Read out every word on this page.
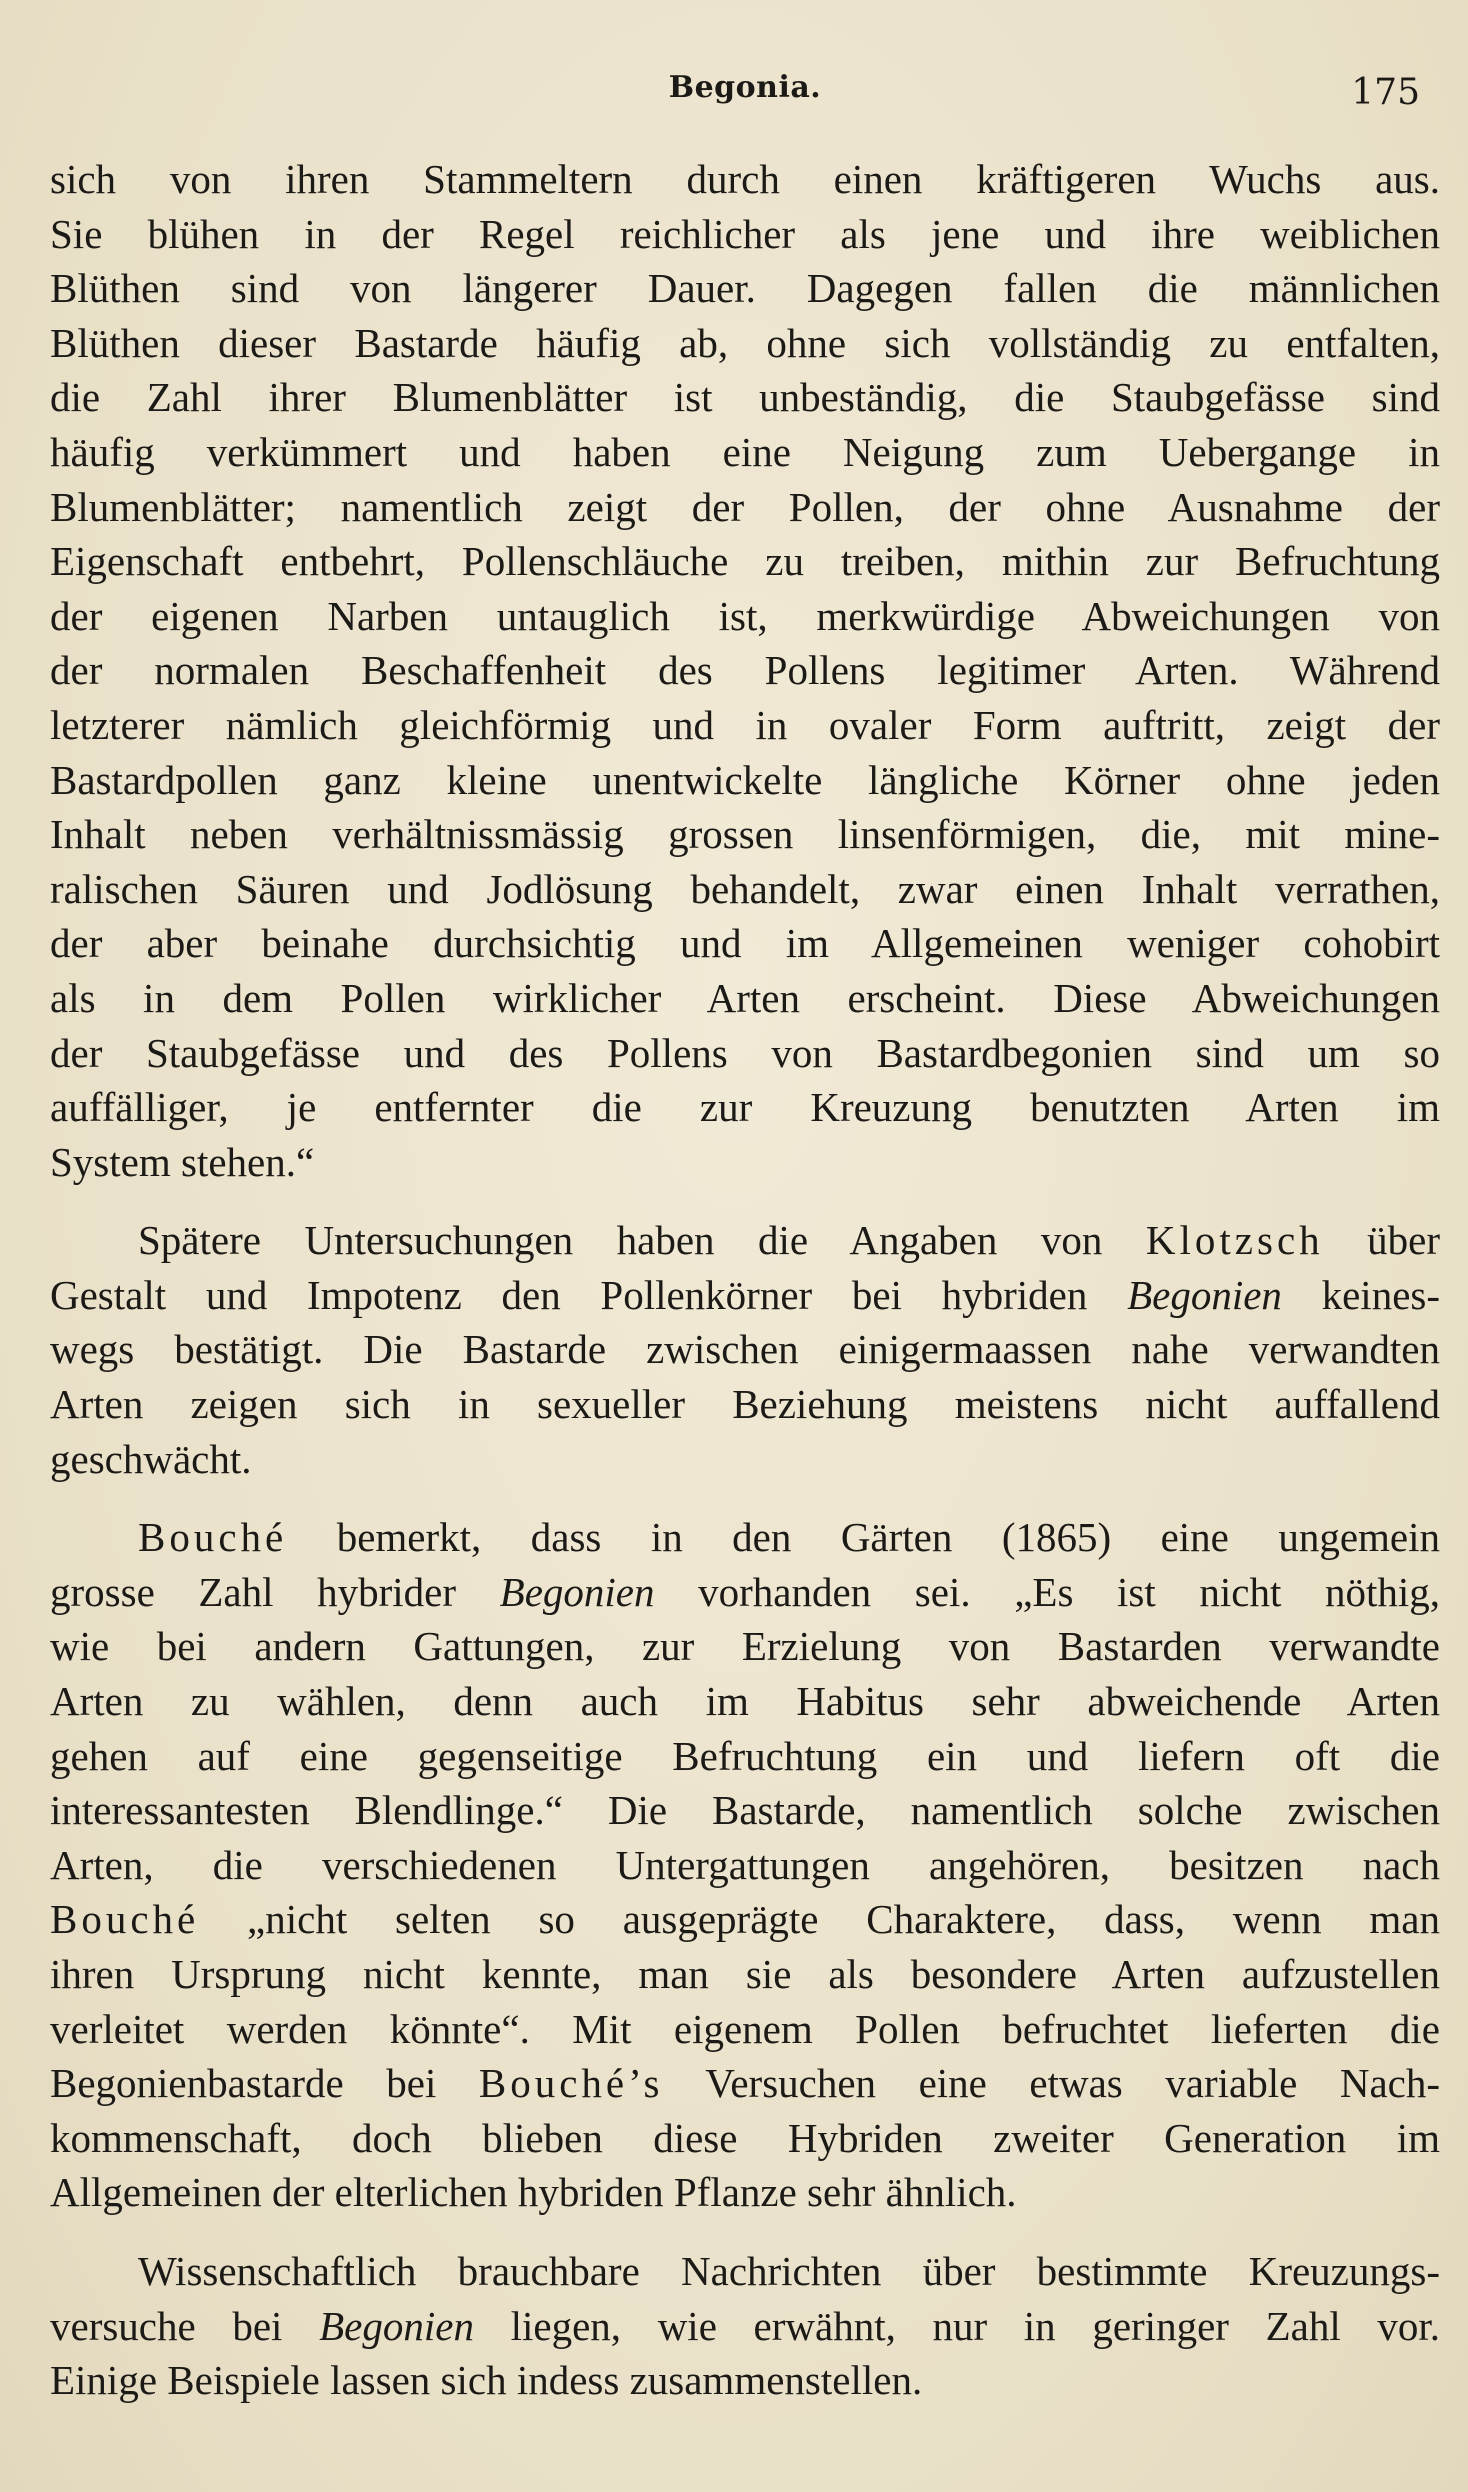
Begonia.	175
sich von ihren Stammeltern durch einen kräftigeren Wuchs aus.
Sie blühen in der Regel reichlicher als jene und ihre weiblichen
Blüthen sind von längerer Dauer. Dagegen fallen die männlichen
Blüthen dieser Bastarde häufig ab, ohne sich vollständig zu entfalten,
die Zahl ihrer Blumenblätter ist unbeständig, die Staubgefässe sind
häufig verkümmert und haben eine Neigung zum Uebergange in
Blumenblätter; namentlich zeigt der Pollen, der ohne Ausnahme der
Eigenschaft entbehrt, Pollenschläuche zu treiben, mithin zur Befruchtung
der eigenen Narben untauglich ist, merkwürdige Abweichungen von
der normalen Beschaffenheit des Pollens legitimer Arten. Während
letzterer nämlich gleichförmig und in ovaler Form auftritt, zeigt der
Bastardpollen ganz kleine unentwickelte längliche Körner ohne jeden
Inhalt neben verhältnissmässig grossen linsenförmigen, die, mit mine-
ralischen Säuren und Jodlösung behandelt, zwar einen Inhalt verrathen,
der aber beinahe durchsichtig und im Allgemeinen weniger cohobirt
als in dem Pollen wirklicher Arten erscheint. Diese Abweichungen
der Staubgefässe und des Pollens von Bastardbegonien sind um so
auffälliger, je entfernter die zur Kreuzung benutzten Arten im
System stehen.“
Spätere Untersuchungen haben die Angaben von Klotzsch über
Gestalt und Impotenz den Pollenkörner bei hybriden Begonien keines-
wegs bestätigt. Die Bastarde zwischen einigermaassen nahe verwandten
Arten zeigen sich in sexueller Beziehung meistens nicht auffallend
geschwächt.
Bouché bemerkt, dass in den Gärten (1865) eine ungemein
grosse Zahl hybrider Begonien vorhanden sei. „Es ist nicht nöthig,
wie bei andern Gattungen, zur Erzielung von Bastarden verwandte
Arten zu wählen, denn auch im Habitus sehr abweichende Arten
gehen auf eine gegenseitige Befruchtung ein und liefern oft die
interessantesten Blendlinge.“ Die Bastarde, namentlich solche zwischen
Arten, die verschiedenen Untergattungen angehören, besitzen nach
Bouché „nicht selten so ausgeprägte Charaktere, dass, wenn man
ihren Ursprung nicht kennte, man sie als besondere Arten aufzustellen
verleitet werden könnte“. Mit eigenem Pollen befruchtet lieferten die
Begonienbastarde bei Bouché’s Versuchen eine etwas variable Nach-
kommenschaft, doch blieben diese Hybriden zweiter Generation im
Allgemeinen der elterlichen hybriden Pflanze sehr ähnlich.
Wissenschaftlich brauchbare Nachrichten über bestimmte Kreuzungs-
versuche bei Begonien liegen, wie erwähnt, nur in geringer Zahl vor.
Einige Beispiele lassen sich indess zusammenstellen.
